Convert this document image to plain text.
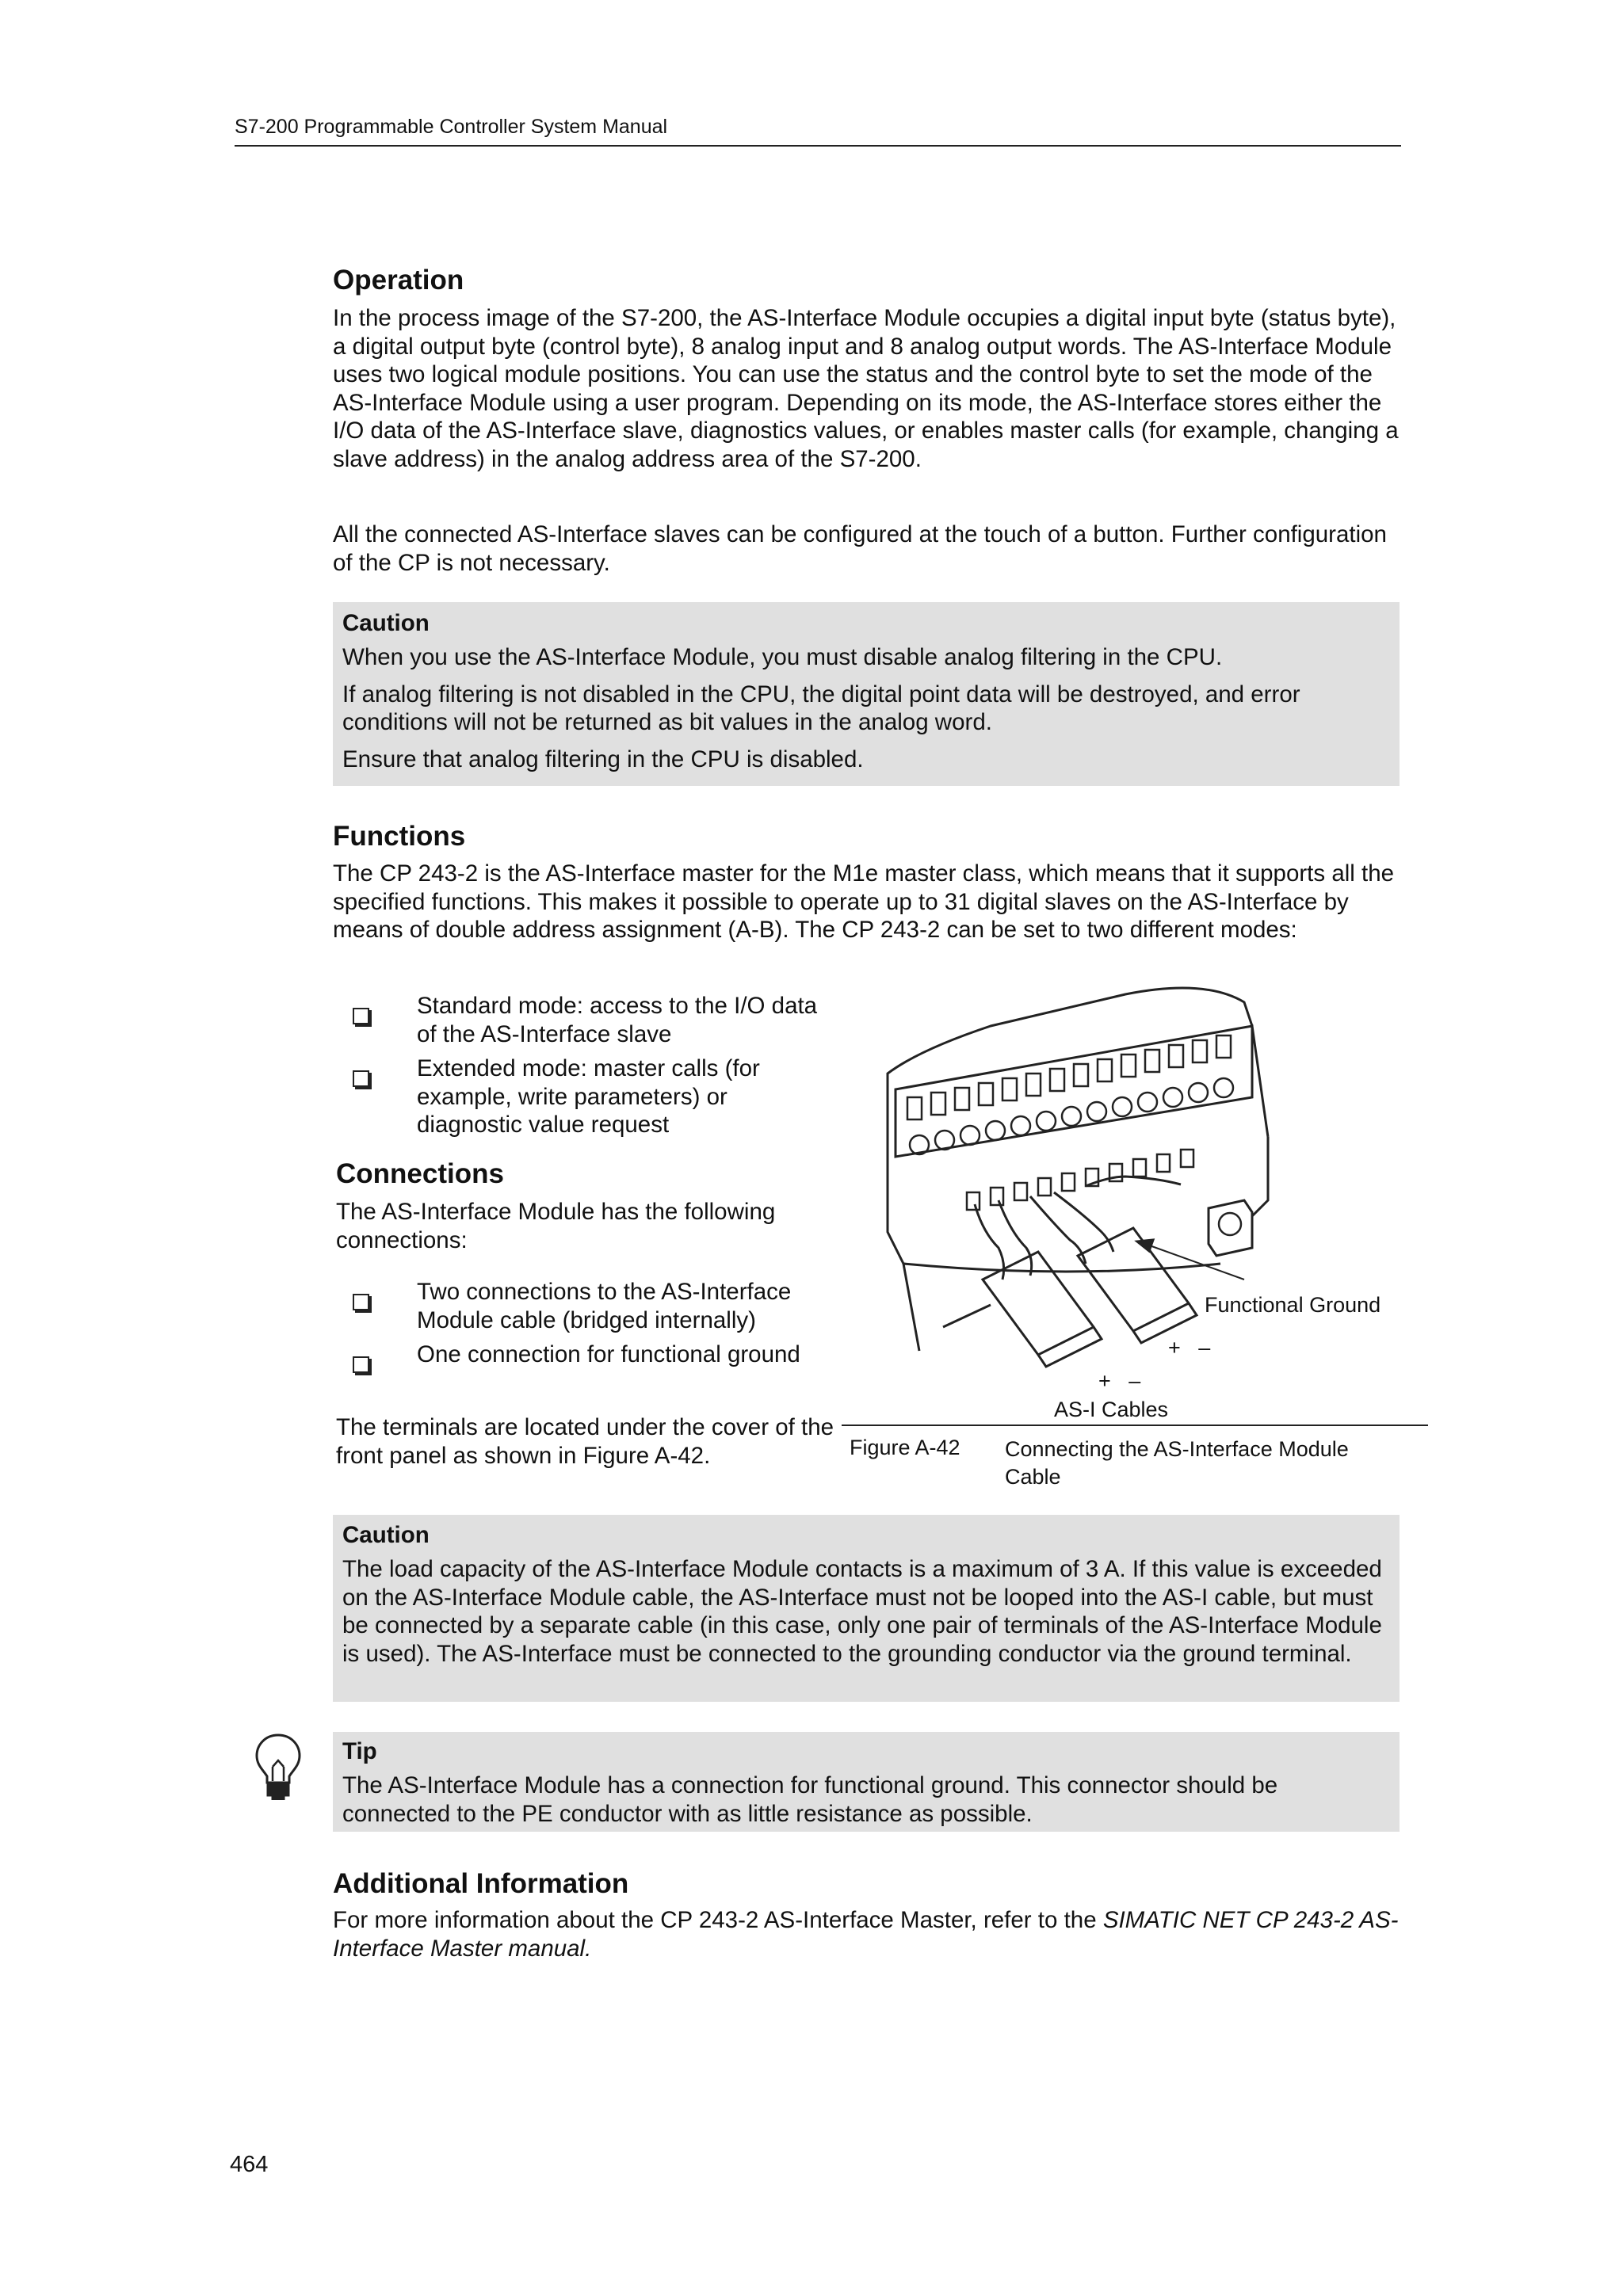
S7-200 Programmable Controller System Manual
Operation

In the process image of the S7-200, the AS‑Interface Module occupies a digital input byte (status byte), a digital output byte (control byte), 8 analog input and 8 analog output words. The AS‑Interface Module uses two logical module positions. You can use the status and the control byte to set the mode of the AS‑Interface Module using a user program. Depending on its mode, the AS‑Interface stores either the I/O data of the AS‑Interface slave, diagnostics values, or enables master calls (for example, changing a slave address) in the analog address area of the S7-200.

All the connected AS‑Interface slaves can be configured at the touch of a button. Further configuration of the CP is not necessary.

Caution

When you use the AS‑Interface Module, you must disable analog filtering in the CPU.

If analog filtering is not disabled in the CPU, the digital point data will be destroyed, and error conditions will not be returned as bit values in the analog word.

Ensure that analog filtering in the CPU is disabled.

Functions

The CP 243‑2 is the AS‑Interface master for the M1e master class, which means that it supports all the specified functions. This makes it possible to operate up to 31 digital slaves on the AS‑Interface by means of double address assignment (A‑B). The CP 243‑2 can be set to two different modes:

Standard mode: access to the I/O data of the AS‑Interface slave
Extended mode: master calls (for example, write parameters) or diagnostic value request
Connections

The AS‑Interface Module has the following connections:

Two connections to the AS‑Interface Module cable (bridged internally)
One connection for functional ground

The terminals are located under the cover of the front panel as shown in Figure A-42.

Functional Ground
+   –
+   –
AS‑I Cables
Figure A-42 Connecting the AS‑Interface Module Cable
Caution

The load capacity of the AS‑Interface Module contacts is a maximum of 3 A. If this value is exceeded on the AS‑Interface Module cable, the AS‑Interface must not be looped into the AS‑I cable, but must be connected by a separate cable (in this case, only one pair of terminals of the AS‑Interface Module is used). The AS‑Interface must be connected to the grounding conductor via the ground terminal.

Tip

The AS‑Interface Module has a connection for functional ground. This connector should be connected to the PE conductor with as little resistance as possible.

Additional Information

For more information about the CP 243‑2 AS‑Interface Master, refer to the SIMATIC NET CP 243‑2 AS-Interface Master manual.

464
